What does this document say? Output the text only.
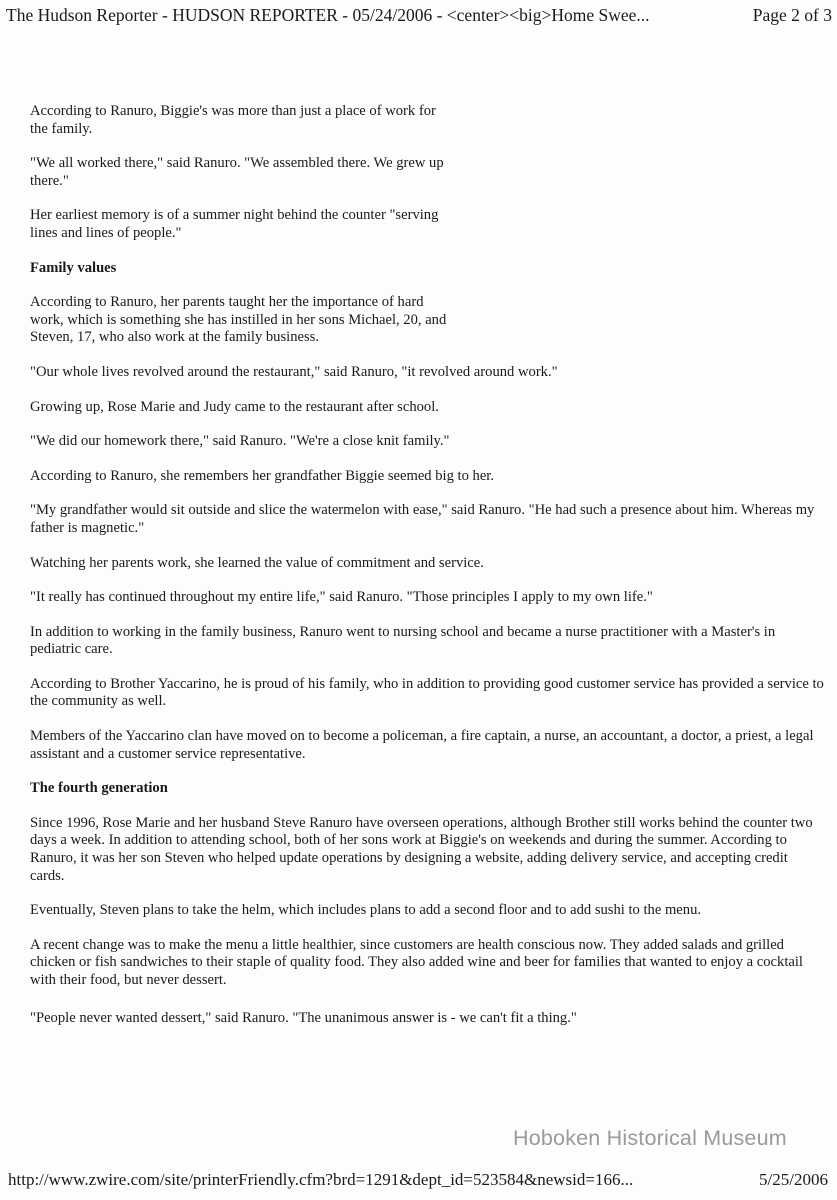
The Hudson Reporter - HUDSON REPORTER - 05/24/2006 - <center><big>Home Swee...	Page 2 of 3

According to Ranuro, Biggie's was more than just a place of work for the family.

"We all worked there," said Ranuro. "We assembled there. We grew up there."

Her earliest memory is of a summer night behind the counter "serving lines and lines of people."

Family values

According to Ranuro, her parents taught her the importance of hard work, which is something she has instilled in her sons Michael, 20, and Steven, 17, who also work at the family business.

"Our whole lives revolved around the restaurant," said Ranuro, "it revolved around work."

Growing up, Rose Marie and Judy came to the restaurant after school.

"We did our homework there," said Ranuro. "We're a close knit family."

According to Ranuro, she remembers her grandfather Biggie seemed big to her.

"My grandfather would sit outside and slice the watermelon with ease," said Ranuro. "He had such a presence about him. Whereas my father is magnetic."

Watching her parents work, she learned the value of commitment and service.

"It really has continued throughout my entire life," said Ranuro. "Those principles I apply to my own life."

In addition to working in the family business, Ranuro went to nursing school and became a nurse practitioner with a Master's in pediatric care.

According to Brother Yaccarino, he is proud of his family, who in addition to providing good customer service has provided a service to the community as well.

Members of the Yaccarino clan have moved on to become a policeman, a fire captain, a nurse, an accountant, a doctor, a priest, a legal assistant and a customer service representative.

The fourth generation

Since 1996, Rose Marie and her husband Steve Ranuro have overseen operations, although Brother still works behind the counter two days a week. In addition to attending school, both of her sons work at Biggie's on weekends and during the summer. According to Ranuro, it was her son Steven who helped update operations by designing a website, adding delivery service, and accepting credit cards.

Eventually, Steven plans to take the helm, which includes plans to add a second floor and to add sushi to the menu.

A recent change was to make the menu a little healthier, since customers are health conscious now. They added salads and grilled chicken or fish sandwiches to their staple of quality food. They also added wine and beer for families that wanted to enjoy a cocktail with their food, but never dessert.

"People never wanted dessert," said Ranuro. "The unanimous answer is - we can't fit a thing."

Hoboken Historical Museum
http://www.zwire.com/site/printerFriendly.cfm?brd=1291&dept_id=523584&newsid=166...	5/25/2006
